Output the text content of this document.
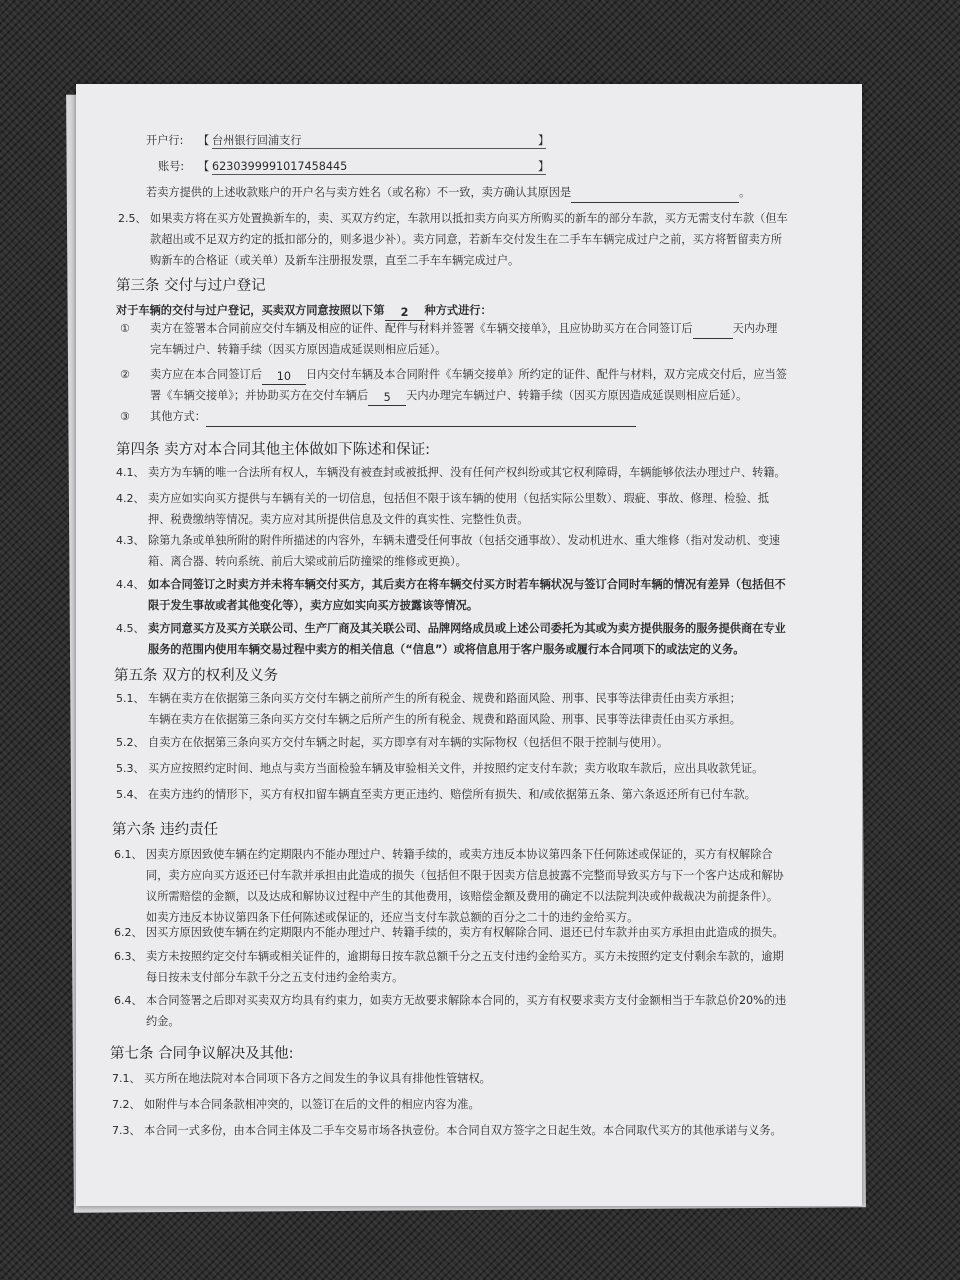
开户行: 【 台州银行回浦支行	】
账号: 【 6230399991017458445	】
若卖方提供的上述收款账户的开户名与卖方姓名（或名称）不一致，卖方确认其原因是	。
2.5、 如果卖方将在买方处置换新车的，卖、买双方约定，车款用以抵扣卖方向买方所购买的新车的部分车款，买方无需支付车款（但车
款超出或不足双方约定的抵扣部分的，则多退少补）。卖方同意，若新车交付发生在二手车车辆完成过户之前，买方将暂留卖方所
购新车的合格证（或关单）及新车注册报发票，直至二手车车辆完成过户。
第三条 交付与过户登记
对于车辆的交付与过户登记，买卖双方同意按照以下第 2 种方式进行：
① 卖方在签署本合同前应交付车辆及相应的证件、配件与材料并签署《车辆交接单》，且应协助买方在合同签订后	天内办理
完车辆过户、转籍手续（因买方原因造成延误则相应后延）。
② 卖方应在本合同签订后 10 日内交付车辆及本合同附件《车辆交接单》所约定的证件、配件与材料，双方完成交付后，应当签
署《车辆交接单》；并协助买方在交付车辆后 5 天内办理完车辆过户、转籍手续（因买方原因造成延误则相应后延）。
③ 其他方式：
第四条 卖方对本合同其他主体做如下陈述和保证:
4.1、 卖方为车辆的唯一合法所有权人，车辆没有被查封或被抵押、没有任何产权纠纷或其它权利障碍，车辆能够依法办理过户、转籍。
4.2、 卖方应如实向买方提供与车辆有关的一切信息，包括但不限于该车辆的使用（包括实际公里数）、瑕疵、事故、修理、检验、抵
押、税费缴纳等情况。卖方应对其所提供信息及文件的真实性、完整性负责。
4.3、 除第九条或单独所附的附件所描述的内容外，车辆未遭受任何事故（包括交通事故）、发动机进水、重大维修（指对发动机、变速
箱、离合器、转向系统、前后大梁或前后防撞梁的维修或更换）。
4.4、 如本合同签订之时卖方并未将车辆交付买方，其后卖方在将车辆交付买方时若车辆状况与签订合同时车辆的情况有差异（包括但不
限于发生事故或者其他变化等），卖方应如实向买方披露该等情况。
4.5、 卖方同意买方及买方关联公司、生产厂商及其关联公司、品牌网络成员或上述公司委托为其或为卖方提供服务的服务提供商在专业
服务的范围内使用车辆交易过程中卖方的相关信息（“信息”）或将信息用于客户服务或履行本合同项下的或法定的义务。
第五条 双方的权利及义务
5.1、 车辆在卖方在依据第三条向买方交付车辆之前所产生的所有税金、规费和路面风险、刑事、民事等法律责任由卖方承担；
车辆在卖方在依据第三条向买方交付车辆之后所产生的所有税金、规费和路面风险、刑事、民事等法律责任由买方承担。
5.2、 自卖方在依据第三条向买方交付车辆之时起，买方即享有对车辆的实际物权（包括但不限于控制与使用）。
5.3、 买方应按照约定时间、地点与卖方当面检验车辆及审验相关文件，并按照约定支付车款；卖方收取车款后，应出具收款凭证。
5.4、 在卖方违约的情形下，买方有权扣留车辆直至卖方更正违约、赔偿所有损失、和/或依据第五条、第六条返还所有已付车款。
第六条 违约责任
6.1、 因卖方原因致使车辆在约定期限内不能办理过户、转籍手续的，或卖方违反本协议第四条下任何陈述或保证的，买方有权解除合
同，卖方应向买方返还已付车款并承担由此造成的损失（包括但不限于因卖方信息披露不完整而导致买方与下一个客户达成和解协
议所需赔偿的金额，以及达成和解协议过程中产生的其他费用，该赔偿金额及费用的确定不以法院判决或仲裁裁决为前提条件）。
如卖方违反本协议第四条下任何陈述或保证的，还应当支付车款总额的百分之二十的违约金给买方。
6.2、 因买方原因致使车辆在约定期限内不能办理过户、转籍手续的，卖方有权解除合同、退还已付车款并由买方承担由此造成的损失。
6.3、 卖方未按照约定交付车辆或相关证件的，逾期每日按车款总额千分之五支付违约金给买方。买方未按照约定支付剩余车款的，逾期
每日按未支付部分车款千分之五支付违约金给卖方。
6.4、 本合同签署之后即对买卖双方均具有约束力，如卖方无故要求解除本合同的，买方有权要求卖方支付金额相当于车款总价20%的违
约金。
第七条 合同争议解决及其他:
7.1、 买方所在地法院对本合同项下各方之间发生的争议具有排他性管辖权。
7.2、 如附件与本合同条款相冲突的，以签订在后的文件的相应内容为准。
7.3、 本合同一式多份，由本合同主体及二手车交易市场各执壹份。本合同自双方签字之日起生效。本合同取代买方的其他承诺与义务。
